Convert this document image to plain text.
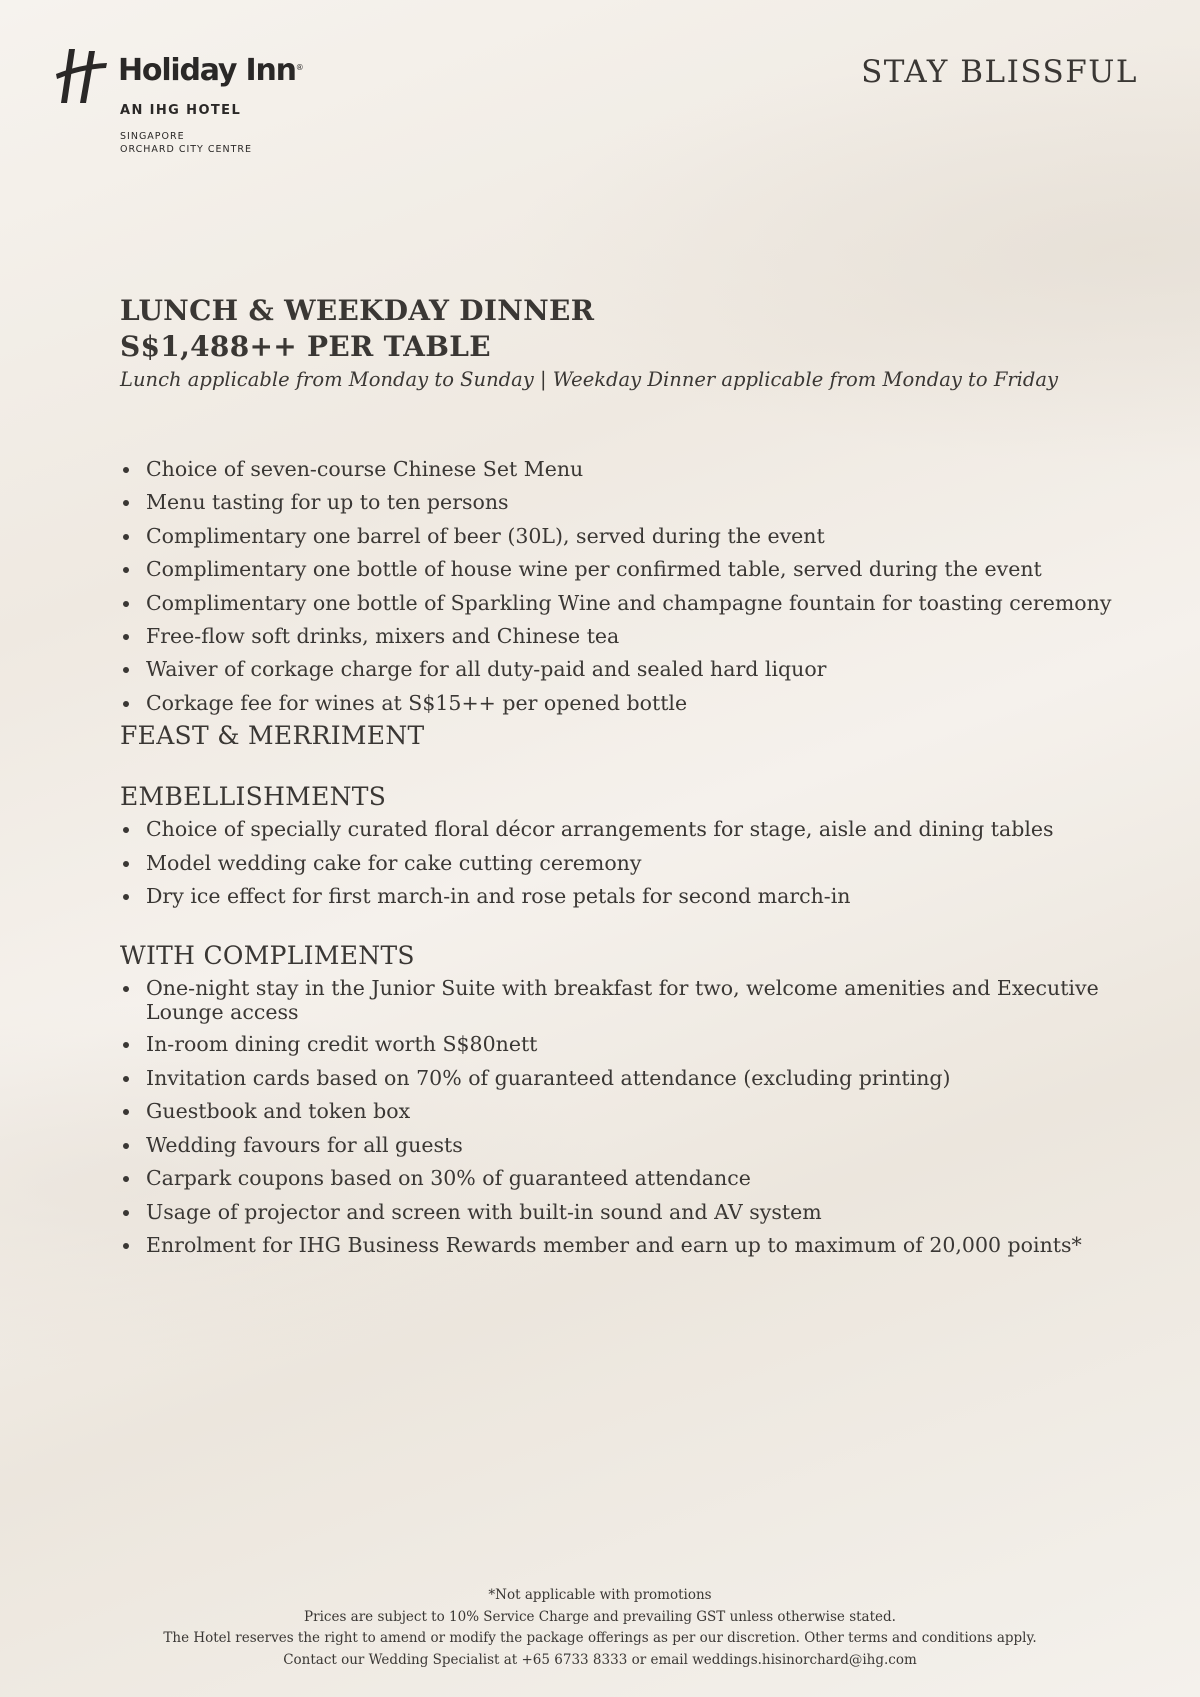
Holiday Inn®
AN IHG HOTEL
SINGAPORE
ORCHARD CITY CENTRE
STAY BLISSFUL
LUNCH & WEEKDAY DINNER
S$1,488++ PER TABLE
Lunch applicable from Monday to Sunday | Weekday Dinner applicable from Monday to Friday
Choice of seven-course Chinese Set Menu
Menu tasting for up to ten persons
Complimentary one barrel of beer (30L), served during the event
Complimentary one bottle of house wine per confirmed table, served during the event
Complimentary one bottle of Sparkling Wine and champagne fountain for toasting ceremony
Free-flow soft drinks, mixers and Chinese tea
Waiver of corkage charge for all duty-paid and sealed hard liquor
Corkage fee for wines at S$15++ per opened bottle
FEAST & MERRIMENT
EMBELLISHMENTS
Choice of specially curated floral décor arrangements for stage, aisle and dining tables
Model wedding cake for cake cutting ceremony
Dry ice effect for first march-in and rose petals for second march-in
WITH COMPLIMENTS
One-night stay in the Junior Suite with breakfast for two, welcome amenities and Executive Lounge access
In-room dining credit worth S$80nett
Invitation cards based on 70% of guaranteed attendance (excluding printing)
Guestbook and token box
Wedding favours for all guests
Carpark coupons based on 30% of guaranteed attendance
Usage of projector and screen with built-in sound and AV system
Enrolment for IHG Business Rewards member and earn up to maximum of 20,000 points*
*Not applicable with promotions
Prices are subject to 10% Service Charge and prevailing GST unless otherwise stated.
The Hotel reserves the right to amend or modify the package offerings as per our discretion. Other terms and conditions apply.
Contact our Wedding Specialist at +65 6733 8333 or email weddings.hisinorchard@ihg.com
